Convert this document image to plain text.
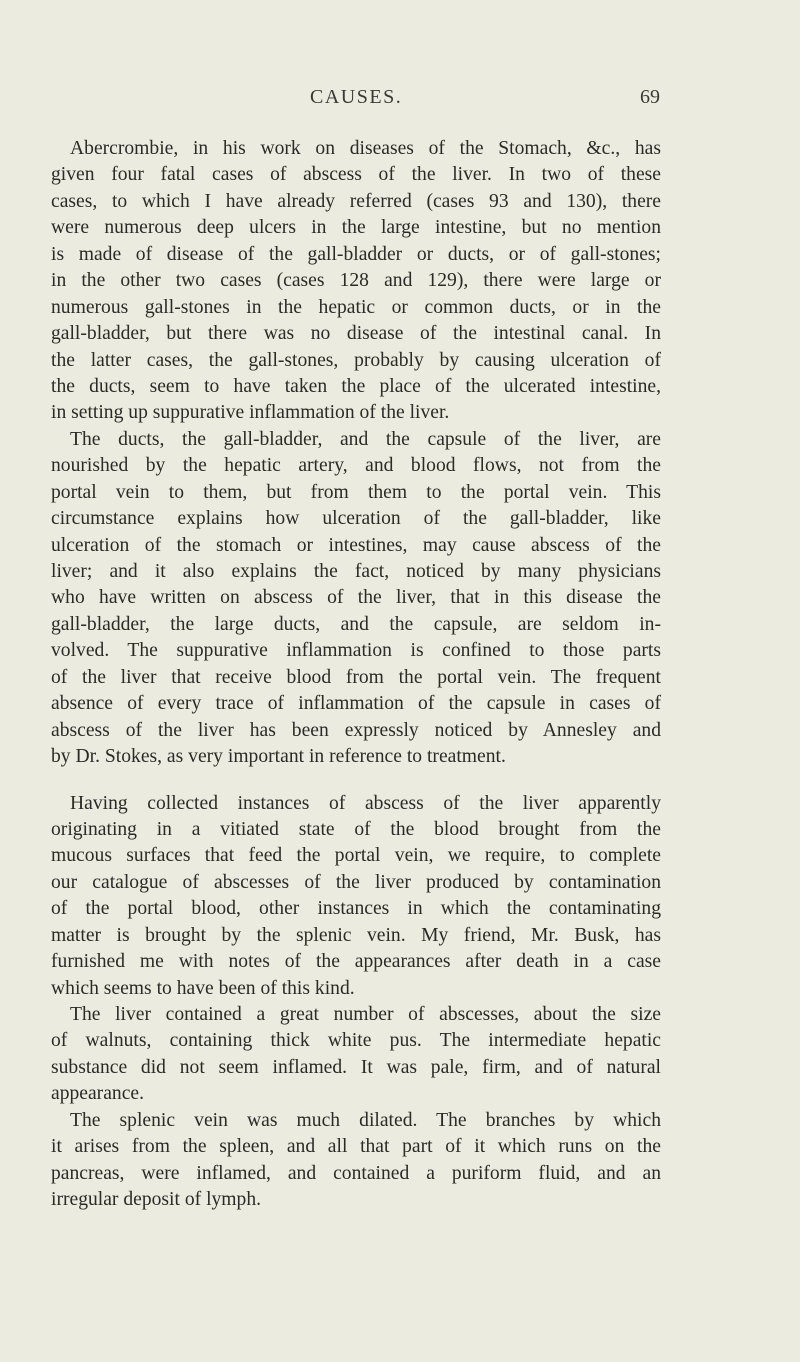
CAUSES.	69
Abercrombie, in his work on diseases of the Stomach, &c., has
given four fatal cases of abscess of the liver. In two of these
cases, to which I have already referred (cases 93 and 130), there
were numerous deep ulcers in the large intestine, but no mention
is made of disease of the gall-bladder or ducts, or of gall-stones;
in the other two cases (cases 128 and 129), there were large or
numerous gall-stones in the hepatic or common ducts, or in the
gall-bladder, but there was no disease of the intestinal canal. In
the latter cases, the gall-stones, probably by causing ulceration of
the ducts, seem to have taken the place of the ulcerated intestine,
in setting up suppurative inflammation of the liver.
The ducts, the gall-bladder, and the capsule of the liver, are
nourished by the hepatic artery, and blood flows, not from the
portal vein to them, but from them to the portal vein. This
circumstance explains how ulceration of the gall-bladder, like
ulceration of the stomach or intestines, may cause abscess of the
liver; and it also explains the fact, noticed by many physicians
who have written on abscess of the liver, that in this disease the
gall-bladder, the large ducts, and the capsule, are seldom in-
volved. The suppurative inflammation is confined to those parts
of the liver that receive blood from the portal vein. The frequent
absence of every trace of inflammation of the capsule in cases of
abscess of the liver has been expressly noticed by Annesley and
by Dr. Stokes, as very important in reference to treatment.
Having collected instances of abscess of the liver apparently
originating in a vitiated state of the blood brought from the
mucous surfaces that feed the portal vein, we require, to complete
our catalogue of abscesses of the liver produced by contamination
of the portal blood, other instances in which the contaminating
matter is brought by the splenic vein. My friend, Mr. Busk, has
furnished me with notes of the appearances after death in a case
which seems to have been of this kind.
The liver contained a great number of abscesses, about the size
of walnuts, containing thick white pus. The intermediate hepatic
substance did not seem inflamed. It was pale, firm, and of natural
appearance.
The splenic vein was much dilated. The branches by which
it arises from the spleen, and all that part of it which runs on the
pancreas, were inflamed, and contained a puriform fluid, and an
irregular deposit of lymph.
